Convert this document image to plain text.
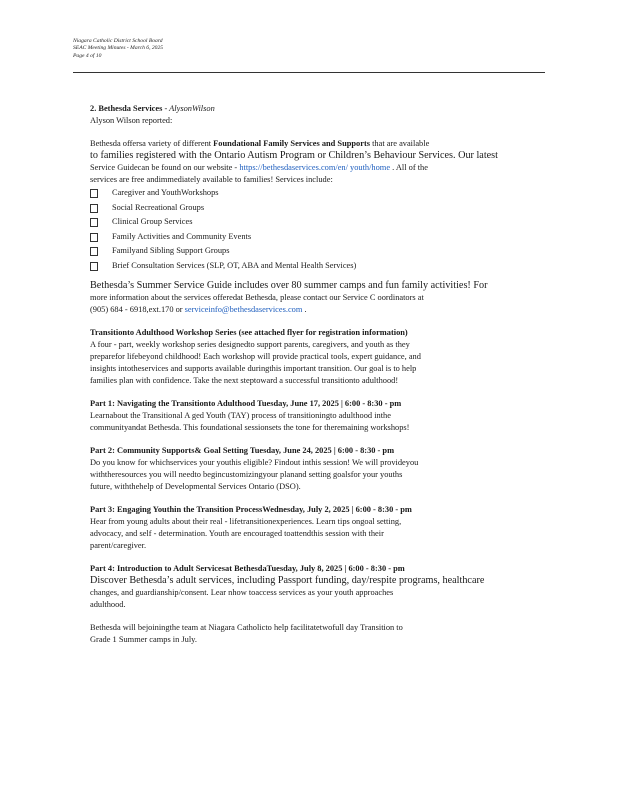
Niagara Catholic District School Board
SEAC Meeting Minutes - March 6, 2025
Page 4 of 10

2. Bethesda Services - AlysonWilson

Alyson Wilson reported:

Bethesda offersa variety of different Foundational Family Services and Supports that are available

to families registered with the Ontario Autism Program or Children’s Behaviour Services. Our latest

Service Guidecan be found on our website - https://bethesdaservices.com/en/ youth/home . All of the

services are free andimmediately available to families! Services include:

Caregiver and YouthWorkshops
Social Recreational Groups
Clinical Group Services
Family Activities and Community Events
Familyand Sibling Support Groups
Brief Consultation Services (SLP, OT, ABA and Mental Health Services)

Bethesda’s Summer Service Guide includes over 80 summer camps and fun family activities! For

more information about the services offeredat Bethesda, please contact our Service C oordinators at

(905) 684 - 6918,ext.170 or serviceinfo@bethesdaservices.com .

Transitionto Adulthood Workshop Series (see attached flyer for registration information)

A four - part, weekly workshop series designedto support parents, caregivers, and youth as they

preparefor lifebeyond childhood! Each workshop will provide practical tools, expert guidance, and

insights intotheservices and supports available duringthis important transition. Our goal is to help

families plan with confidence. Take the next steptoward a successful transitionto adulthood!

Part 1: Navigating the Transitionto Adulthood Tuesday, June 17, 2025 | 6:00 - 8:30 - pm

Learnabout the Transitional A ged Youth (TAY) process of transitioningto adulthood inthe

communityandat Bethesda. This foundational sessionsets the tone for theremaining workshops!

Part 2: Community Supports& Goal Setting Tuesday, June 24, 2025 | 6:00 - 8:30 - pm

Do you know for whichservices your youthis eligible? Findout inthis session! We will provideyou

withtheresources you will needto begincustomizingyour planand setting goalsfor your youths

future, withthehelp of Developmental Services Ontario (DSO).

Part 3: Engaging Youthin the Transition ProcessWednesday, July 2, 2025 | 6:00 - 8:30 - pm

Hear from young adults about their real - lifetransitionexperiences. Learn tips ongoal setting,

advocacy, and self - determination. Youth are encouraged toattendthis session with their

parent/caregiver.

Part 4: Introduction to Adult Servicesat BethesdaTuesday, July 8, 2025 | 6:00 - 8:30 - pm

Discover Bethesda’s adult services, including Passport funding, day/respite programs, healthcare

changes, and guardianship/consent. Lear nhow toaccess services as your youth approaches

adulthood.

Bethesda will bejoiningthe team at Niagara Catholicto help facilitatetwofull day Transition to

Grade 1 Summer camps in July.
